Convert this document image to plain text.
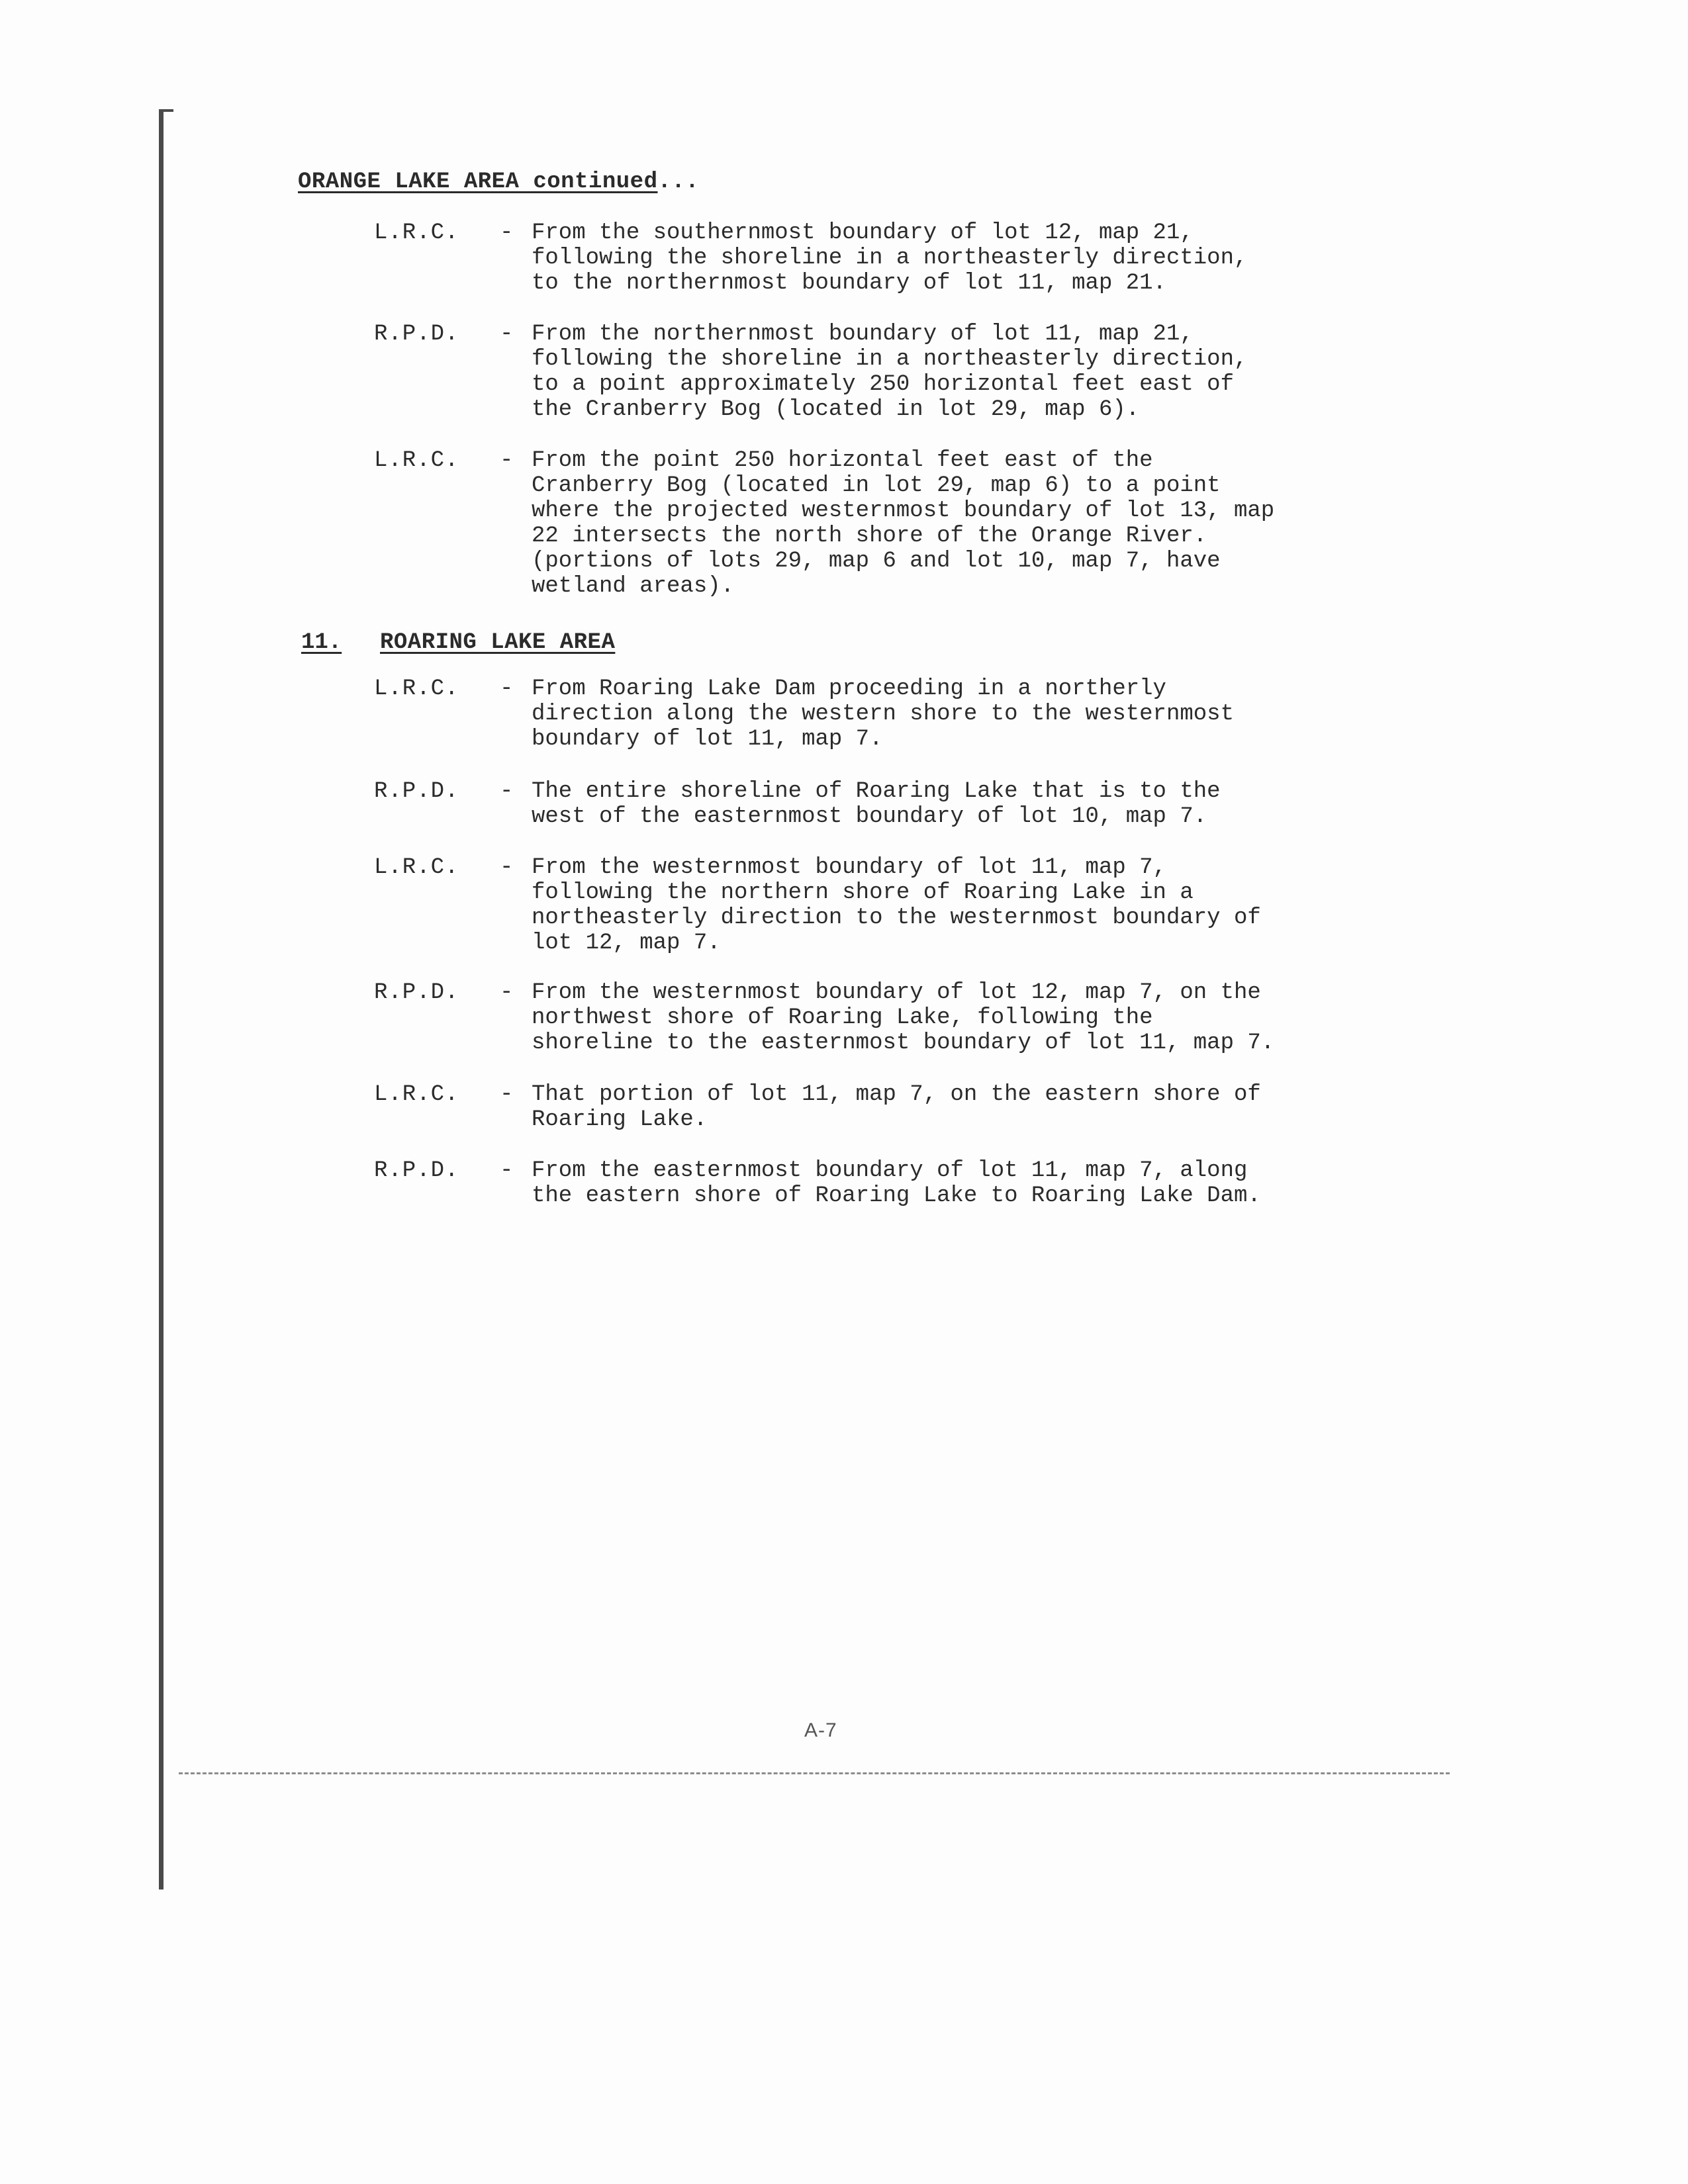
ORANGE LAKE AREA continued...
L.R.C. - From the southernmost boundary of lot 12, map 21,
following the shoreline in a northeasterly direction,
to the northernmost boundary of lot 11, map 21.
R.P.D. - From the northernmost boundary of lot 11, map 21,
following the shoreline in a northeasterly direction,
to a point approximately 250 horizontal feet east of
the Cranberry Bog (located in lot 29, map 6).
L.R.C. - From the point 250 horizontal feet east of the
Cranberry Bog (located in lot 29, map 6) to a point
where the projected westernmost boundary of lot 13, map
22 intersects the north shore of the Orange River.
(portions of lots 29, map 6 and lot 10, map 7, have
wetland areas).
11. ROARING LAKE AREA
L.R.C. - From Roaring Lake Dam proceeding in a northerly
direction along the western shore to the westernmost
boundary of lot 11, map 7.
R.P.D. - The entire shoreline of Roaring Lake that is to the
west of the easternmost boundary of lot 10, map 7.
L.R.C. - From the westernmost boundary of lot 11, map 7,
following the northern shore of Roaring Lake in a
northeasterly direction to the westernmost boundary of
lot 12, map 7.
R.P.D. - From the westernmost boundary of lot 12, map 7, on the
northwest shore of Roaring Lake, following the
shoreline to the easternmost boundary of lot 11, map 7.
L.R.C. - That portion of lot 11, map 7, on the eastern shore of
Roaring Lake.
R.P.D. - From the easternmost boundary of lot 11, map 7, along
the eastern shore of Roaring Lake to Roaring Lake Dam.
A-7
